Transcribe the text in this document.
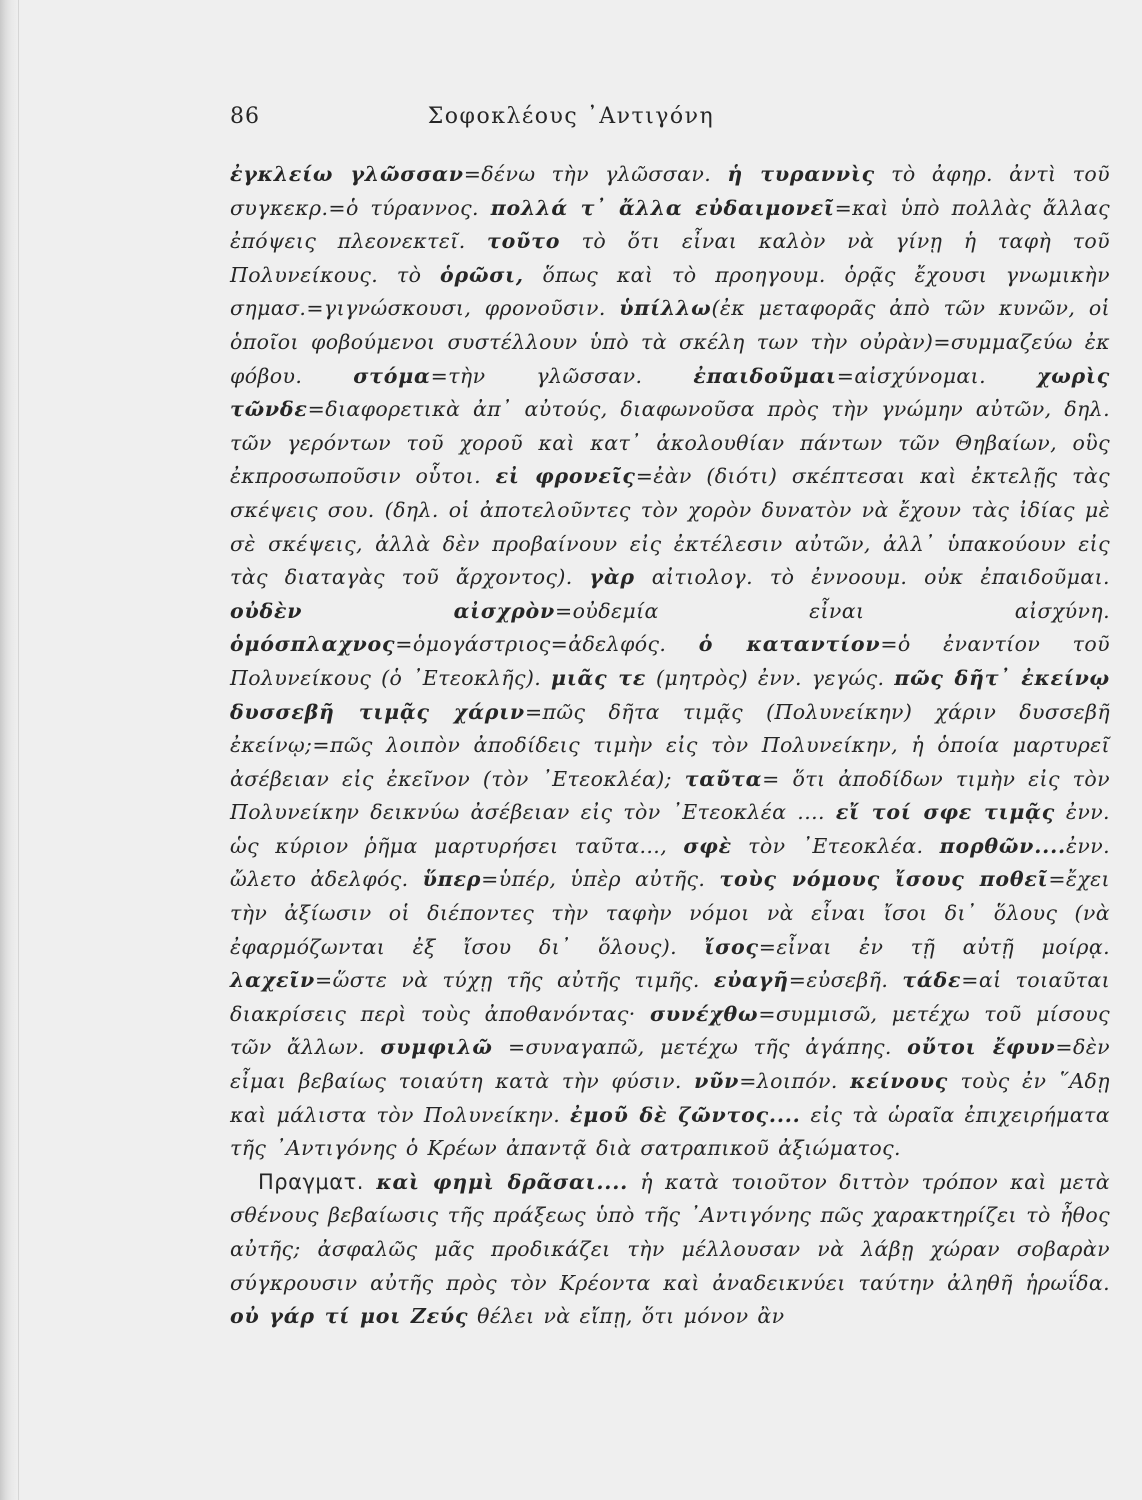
86	Σοφοκλέους ᾿Αντιγόνη

ἐγκλείω γλῶσσαν=δένω τὴν γλῶσσαν. ἡ τυραννὶς τὸ ἀφηρ. ἀντὶ τοῦ συγκεκρ.=ὁ τύραννος. πολλά τ᾿ ἄλλα εὐδαιμονεῖ=καὶ ὑπὸ πολλὰς ἄλλας ἐπόψεις πλεονεκτεῖ. τοῦτο τὸ ὅτι εἶναι καλὸν νὰ γίνῃ ἡ ταφὴ τοῦ Πολυνείκους. τὸ ὁρῶσι, ὅπως καὶ τὸ προηγουμ. ὁρᾷς ἔχουσι γνωμικὴν σημασ.=γιγνώσκουσι, φρονοῦσιν. ὑπίλλω(ἐκ μεταφορᾶς ἀπὸ τῶν κυνῶν, οἱ ὁποῖοι φοβούμενοι συστέλλουν ὑπὸ τὰ σκέλη των τὴν οὐρὰν)=συμμαζεύω ἐκ φόβου. στόμα=τὴν γλῶσσαν. ἐπαιδοῦμαι=αἰσχύνομαι. χωρὶς τῶνδε=διαφορετικὰ ἀπ᾿ αὐτούς, διαφωνοῦσα πρὸς τὴν γνώμην αὐτῶν, δηλ. τῶν γερόντων τοῦ χοροῦ καὶ κατ᾿ ἀκολουθίαν πάντων τῶν Θηβαίων, οὓς ἐκπροσωποῦσιν οὗτοι. εἰ φρονεῖς=ἐὰν (διότι) σκέπτεσαι καὶ ἐκτελῇς τὰς σκέψεις σου. (δηλ. οἱ ἀποτελοῦντες τὸν χορὸν δυνατὸν νὰ ἔχουν τὰς ἰδίας μὲ σὲ σκέψεις, ἀλλὰ δὲν προβαίνουν εἰς ἐκτέλεσιν αὐτῶν, ἀλλ᾿ ὑπακούουν εἰς τὰς διαταγὰς τοῦ ἄρχοντος). γὰρ αἰτιολογ. τὸ ἐννοουμ. οὐκ ἐπαιδοῦμαι. οὐδὲν αἰσχρὸν=οὐδεμία εἶναι αἰσχύνη. ὁμόσπλαχνος=ὁμογάστριος=ἀδελφός. ὁ καταντίον=ὁ ἐναντίον τοῦ Πολυνείκους (ὁ ᾿Ετεοκλῆς). μιᾶς τε (μητρὸς) ἐνν. γεγώς. πῶς δῆτ᾿ ἐκείνῳ δυσσεβῆ τιμᾷς χάριν=πῶς δῆτα τιμᾷς (Πολυνείκην) χάριν δυσσεβῆ ἐκείνῳ;=πῶς λοιπὸν ἀποδίδεις τιμὴν εἰς τὸν Πολυνείκην, ἡ ὁποία μαρτυρεῖ ἀσέβειαν εἰς ἐκεῖνον (τὸν ᾿Ετεοκλέα); ταῦτα= ὅτι ἀποδίδων τιμὴν εἰς τὸν Πολυνείκην δεικνύω ἀσέβειαν εἰς τὸν ᾿Ετεοκλέα .... εἴ τοί σφε τιμᾷς ἐνν. ὡς κύριον ῥῆμα μαρτυρήσει ταῦτα..., σφὲ τὸν ᾿Ετεοκλέα. πορθῶν....ἐνν. ὤλετο ἀδελφός. ὕπερ=ὑπέρ, ὑπὲρ αὐτῆς. τοὺς νόμους ἴσους ποθεῖ=ἔχει τὴν ἀξίωσιν οἱ διέποντες τὴν ταφὴν νόμοι νὰ εἶναι ἴσοι δι᾿ ὅλους (νὰ ἐφαρμόζωνται ἐξ ἴσου δι᾿ ὅλους). ἴσος=εἶναι ἐν τῇ αὐτῇ μοίρᾳ. λαχεῖν=ὥστε νὰ τύχῃ τῆς αὐτῆς τιμῆς. εὐαγῆ=εὐσεβῆ. τάδε=αἱ τοιαῦται διακρίσεις περὶ τοὺς ἀποθανόντας· συνέχθω=συμμισῶ, μετέχω τοῦ μίσους τῶν ἄλλων. συμφιλῶ =συναγαπῶ, μετέχω τῆς ἀγάπης. οὔτοι ἔφυν=δὲν εἶμαι βεβαίως τοιαύτη κατὰ τὴν φύσιν. νῦν=λοιπόν. κείνους τοὺς ἐν ῞Αδῃ καὶ μάλιστα τὸν Πολυνείκην. ἐμοῦ δὲ ζῶντος.... εἰς τὰ ὡραῖα ἐπιχειρήματα τῆς ᾿Αντιγόνης ὁ Κρέων ἀπαντᾷ διὰ σατραπικοῦ ἀξιώματος.

Πραγματ. καὶ φημὶ δρᾶσαι.... ἡ κατὰ τοιοῦτον διττὸν τρόπον καὶ μετὰ σθένους βεβαίωσις τῆς πράξεως ὑπὸ τῆς ᾿Αντιγόνης πῶς χαρακτηρίζει τὸ ἦθος αὐτῆς; ἀσφαλῶς μᾶς προδικάζει τὴν μέλλουσαν νὰ λάβῃ χώραν σοβαρὰν σύγκρουσιν αὐτῆς πρὸς τὸν Κρέοντα καὶ ἀναδεικνύει ταύτην ἀληθῆ ἡρωΐδα. οὐ γάρ τί μοι Ζεύς θέλει νὰ εἴπῃ, ὅτι μόνον ἂν
